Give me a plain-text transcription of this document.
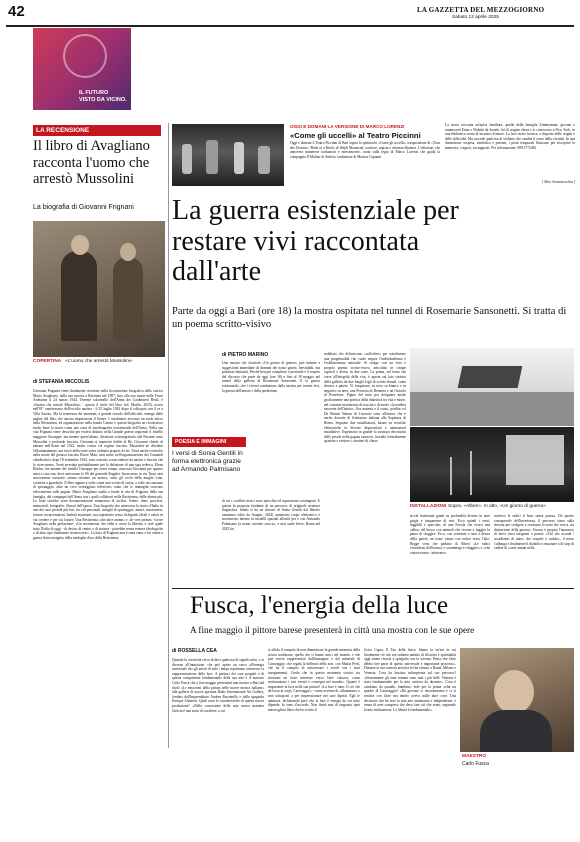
42	LA GAZZETTA DEL MEZZOGIORNO
Sabato 12 aprile 2025
IL FUTURO
VISTO DA VICINO.
LA RECENSIONE
Il libro di Avagliano racconta l'uomo che arrestò Mussolini
La biografia di Giovanni Frignani
OGGI E DOMANI LA VERSIONE DI MARCO LORENZI
«Come gli uccelli» al Teatro Piccinni
Oggi e domani il Teatro Piccinni di Bari ospita lo spettacolo «Come gli uccelli», trasposizione di «Tous des Oiseaux / Birds of a Kind» di Wajdi Mouawad, scrittore, regista e cineasta libanese. L'edizione, che annovera numerose traduzioni e messinscene, conta sulla regia di Marco Lorenzi che guida la compagnia Il Mulino di Amleto, traduzione di Monica Capuani.
La storia racconta un'epica familiare, quella della famiglia Zimmerman: giovani e innamorati Eitan e Wahida da Israele, lui di origine ebrea e si conoscono a New York, in una biblioteca scena di incontro d'amore. La loro storia fiorisce, a dispetto delle origini e delle difficoltà. Ma succede qualcosa di violento che cambia il corso della vicenda. In una dimensione sospesa, simbolica e potente, i piani temporali fluiscono per riscoprire la memoria, i segreti, sovrapposti. Per informazioni: 080.5772465.
[ Alice Scotarnecchia ]
La guerra esistenziale per restare vivi raccontata dall'arte
Parte da oggi a Bari (ore 18) la mostra ospitata nel tunnel di Rosemarie Sansonetti. Si tratta di un poema scritto-visivo
COPERTINA «L'uomo che arrestò Mussolini»
di STEFANIA MICCOLIS
Giovanni Frignani viene finalmente ricordato nella ricostruzione biografica dello storico Mario Avagliano, dalla sua nascita a Ravenna nel 1897, fino alla sua morte nelle Fosse Ardeatine il 24 marzo 1944. Tenente colonnello dell'Arma dei Carabinieri Reali, è «l'uomo che arrestò Mussolini» - questo il titolo del libro (ed. Marlin, 2025), uscito nell'81° anniversario dell'eccidio nazista - il 25 luglio 1943 dopo il colloquio con il re a Villa Savoia. Ma la tenerezza dei momenti, a grande ricordo dell'ufficiale, emerge dalle pagine del libro che ancora impressiona il lettore. I carabinieri avevano un ruolo attivo nella Resistenza, ed organizzarono nella banda Caruso e questa biografia ne ricostruisce molto bene la storia come una sorta di autobiografia resistenziale dell'Arma. Nella sua vita Frignani viene descritto per essersi distinto nella Grande guerra seguendo il fratello maggiore Giuseppe; ma mentre quest'ultimo, divisione sottosegretario alle Finanze sotto Mussolini e profondo fascista, Giovanni si manterrà fedele al Re. Giovanni chiede di entrare nell'Arma nel 1922, molto critico col regime fascista. Mussolini ne chiedera l'allontanamento, ma trovò della sorte salva ordinata proprio da lui. Verrà anche coinvolto nella morte del gerarca fascista Ettore Muti, sarà attivo nell'organizzazione dei Comandi clandestini e dopo l'8 settembre 1943, sarà costretto a nascondersi da nazisti e fascisti che lo ricercavano. Verrà arrestato probabilmente per la delazione di una spia tedesca, Elena Hoehn, che amante del fratello Giuseppe per avere tempo, nascosto Giovanni per quattro mesi a casa sua, dove arrivarono le SS del generale Kappler. Incarcerato in via Tasso sarà atrocemente torturato «senza ottenere un nome», sotto gli occhi della moglie Lina, costretta a guardarlo. Il libro appare a volte come uno scritto di storia, a volte un romanzo di spionaggio, altre un vero sceneggiato televisivo, tanto che le immagini scorrono velocemente sulle pagine. Mario Avagliano studia a fondo la vita di Frignani, della sua famiglia, del compagni dell'Arma con i quali collaborò nella Resistenza, delle donne più. Le fonti storiche sono documentazione minuziosa di archivi, lettere, diari, processi, memoriali, fotografie, filmati dell'epoca. Una biografia che attraversa la storia d'Italia in uno dei suoi periodi più bui, fra odi personali, intrighi di spionaggio, amori, massoneria, torture, incarcerazioni, barbari assassinii, ma soprattutto senso di dignità, ideali e valori in cui credere e per cui lottare. Una Resistenza «che altre anime» e «le vere anime» -scrive Avagliano nella prefazione- «Un movimento che ebbe a cuore la libertà» e cioè quale tutto l'Italia di oggi - di destra, di centro e di sinistra - potrebbe senza remore ideologiche o di altro tipo finalmente riconoscersi». La lotta di Frignani non è stata vana, e lui venne a guerra finita insignito della medaglia d'oro della Resistenza.
di PIETRO MARINO
Una mostra che s'intitola «Un giorno di guerra» può indurre a suggestioni immediate di drammi dei nostri giorni. Inevitabili, ma piuttosto limitanti. Perché ben più complesse e profonde è il respiro del discorso che parte da oggi (ore 18) e fino al 18 maggio nel tunnel della galleria di Rosemarie Sansonetti. E la guerra esistenziale, che i viventi combattono dalla nascita per restare vivi, la guerra dell'amore e della perdizione,
POESIA E IMMAGINI
I versi di Sonia Gentili in forma elettronica grazie ad Armando Palmisano
di cui i conflitti storici sono specchio ed espressione contingenti. È questa la proposta fondante di un percorso di originale struttura linguistica. Infatti si ha un dossier di Sonia Gentili dal libretto omonimo edito da Aragno, 2024) assumono corpo elettronico e movimento interno in modelli spaziali allestiti per e con Armando Palmisano (a nome, sezione «tocca», e suoi suale breve, Roma nel 2023) in
sedalizio che definiscono «collettive» per sottolineare una progettualità che vuole negare l'individualismo e l'esibizionismo autoriale. Si svolge così un vero e proprio poema scritto-visivo, articolato in cinque capitoli e diviso in due zone. La prima, sul tema che corre all'integrità della vita, è aperta sul lato sinistro della galleria da due lunghi fogli di scritto dismal, come dossier a parete. Vi traspaiono, in nero su bianco e in negativo su nero, una Persessa di Demetra e un Oracolo di Persefone. Figure del mito per designare anche graficamente una poetica della dialettica tra vita e morte, nel costante movimento di nascita e di morte «la tenebra nascente dell'inizio». Ora materia e il vuoto, perdita col De Rerum Natura di Lucrezio sono all'antico che è anche docente di letteratura italiana alla Sapienza di Roma. Seguono due installazioni, basate su tecniche elettroniche in diverse disposizioni e animazioni installative. Esprimono in grande lo struttura decorativa delle pesole nella pagina cartacea, facendo letteralmente spaziare e esistere i caratteri di classe
INSTALLAZIONI Sopra, «Alberi». In alto, «Un giorno di guerra»
sicchi bodoniani giunti su profondità diverse in nere grigie e trasparenze di vert. Ecco quindi i versi, leggibili e specchio, di una Favola che evoca una «alba» del bosco con animali che vivono e fuggire la paura di sfuggire. Ecco, con sorrisone e suoi a destra della parete, un trono vanno con rudori verso l'alto. Regge versi che parlano di Alberi «Le radici s'invadono dell'uomo» e «sommergi e rifuggito» e «che conoscevano - attraverso
traverso le radici il buio senza paura». Da questo consapevole dell'incertezza, il percorso torna sulla sinistra per svolgere a contrasto la zona che evoca «la distruzione della guerra». Guerra è proprio l'annuncio di brevi versi traspirati a parete: «Chi che accada / accadiamo di tutte» che sospetti e cadute», il muro s'allunga e finalmente il diabolico risuonare a di stop di cadere di «carri armati nella
Fusca, l'energia della luce
A fine maggio il pittore barese presenterà in città una mostra con le sue opere
di ROSSELLA CEA
Quando la creatività cerca di dirci qualcosa di significativo, e si divorno all'intuizione, che può aprire un varco all'energia universale che gli artisti di tutti i tempi esprimono attraverso la rappresentazione della luce. A parlarci dei suoi progetti e di questa componente fondamentale della sua arte è il maestro Carlo Fusca che a fine maggio presenterà una mostra a Bari dal titolo «Le emozioni della pittura nelle nuove mostra italiane» alla galleria di nuova apertura Rakis International Art Gallery, fondata dall'imprenditore Andrea Racaniello e dalla spagnola Enrique Almeirie. Quali sono le caratteristiche di questa nuova produzione? «Nella concezione della mia nuova maniera l'artista è una sorta di cavaliere, a cui
si affida il compito di non dimenticare la grande memoria della nostra tradizione, quella che ci hanno unici nel mondo, e che può essere rappresentati dall'immagine e dal minerale di Caravaggio, che regala la bellezza della arte, con Mattia Preti, che ha il compito di attraversare i secoli con i suoi insegnamenti. Credo che in questo momento storico sia ritornato un forte interesse verso l'arte classica, come testimoniano i vari eventi e convegni nel mondo». Quante è importante la luce nella sua pittura? «La luce è tutto. Il ciò che dà forza ai corpi, Caravaggio» - come avviene di «illuminare» e non sottoposti a per impressionare nei suoi dipinti. Egli le animava, dichiarando però che la luce è energia da cui tutto dipende. Io sono d'accordo. Non finirò mai di ringrazio quei meravigliosi libro che ha scritto il
fisico Capra, Il Tao della fisica. Siamo in un'era in cui finalmente ciò che era soltanto ambito di filosofia e spiritualità oggi siamo riusciti a spiegarlo con la scienza. Penso che l'arte debba fare parte di questo universale e importante processo». Durante la sua carriera artistica lei ha vissuto a Roma, Milano e Venezia. Cosa ha lasciato un'impronta sul suo percorso? «Sicuramente gli anni romani sono stati i più belli. Venezia è stata fondamentale per la mia carriera da docente». Cosa è cambiato da quando, bambino, vide per la prima volta un quadro di Caravaggio? «Da giovane ci incontravamo e ci si sentiva con l'arte ma dentro avevo mille altre cose. Una decisione che ha reso la mia arte autonomia e indipendente, e senza di aver compreso che devo fare ciò che sento, seguendo la mia inclinazione. La libertà è fondamentale».
MAESTRO
Carlo Fusca
